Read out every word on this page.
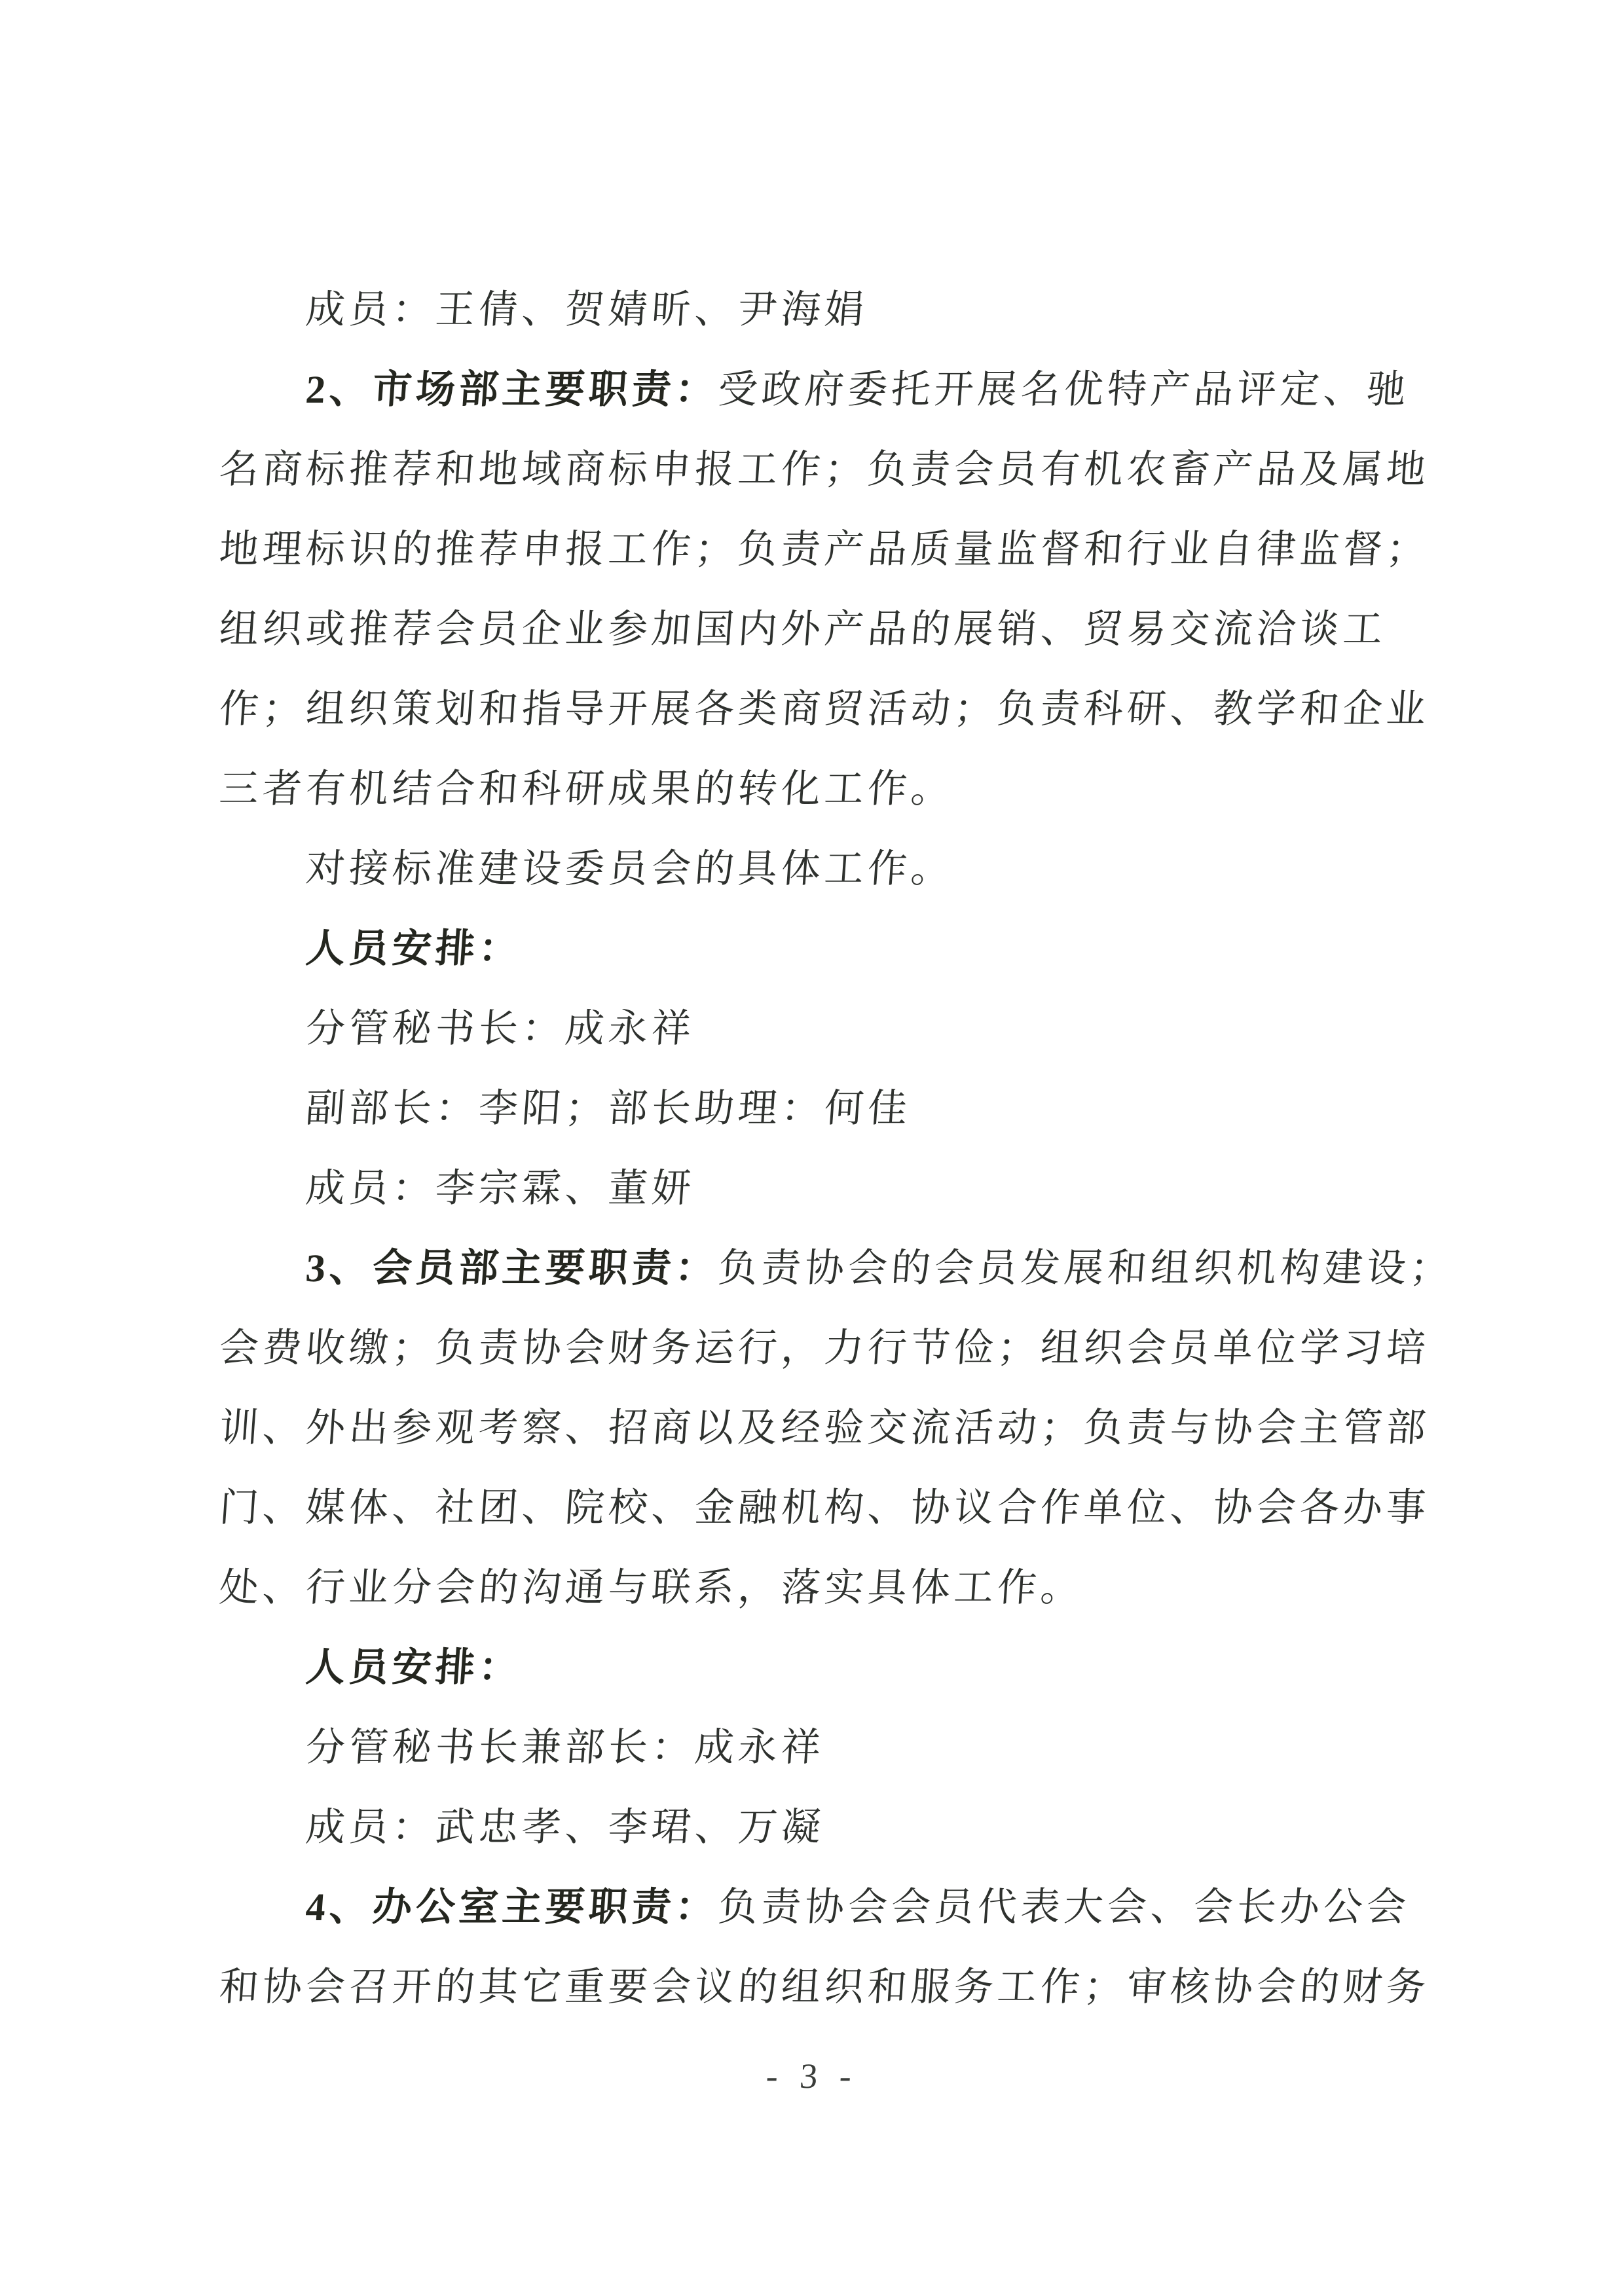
成员：王倩、贺婧昕、尹海娟
2、市场部主要职责：受政府委托开展名优特产品评定、驰
名商标推荐和地域商标申报工作；负责会员有机农畜产品及属地
地理标识的推荐申报工作；负责产品质量监督和行业自律监督；
组织或推荐会员企业参加国内外产品的展销、贸易交流洽谈工
作；组织策划和指导开展各类商贸活动；负责科研、教学和企业
三者有机结合和科研成果的转化工作。
对接标准建设委员会的具体工作。
人员安排：
分管秘书长：成永祥
副部长：李阳；部长助理：何佳
成员：李宗霖、董妍
3、会员部主要职责：负责协会的会员发展和组织机构建设；
会费收缴；负责协会财务运行，力行节俭；组织会员单位学习培
训、外出参观考察、招商以及经验交流活动；负责与协会主管部
门、媒体、社团、院校、金融机构、协议合作单位、协会各办事
处、行业分会的沟通与联系，落实具体工作。
人员安排：
分管秘书长兼部长：成永祥
成员：武忠孝、李珺、万凝
4、办公室主要职责：负责协会会员代表大会、会长办公会
和协会召开的其它重要会议的组织和服务工作；审核协会的财务
- 3 -
